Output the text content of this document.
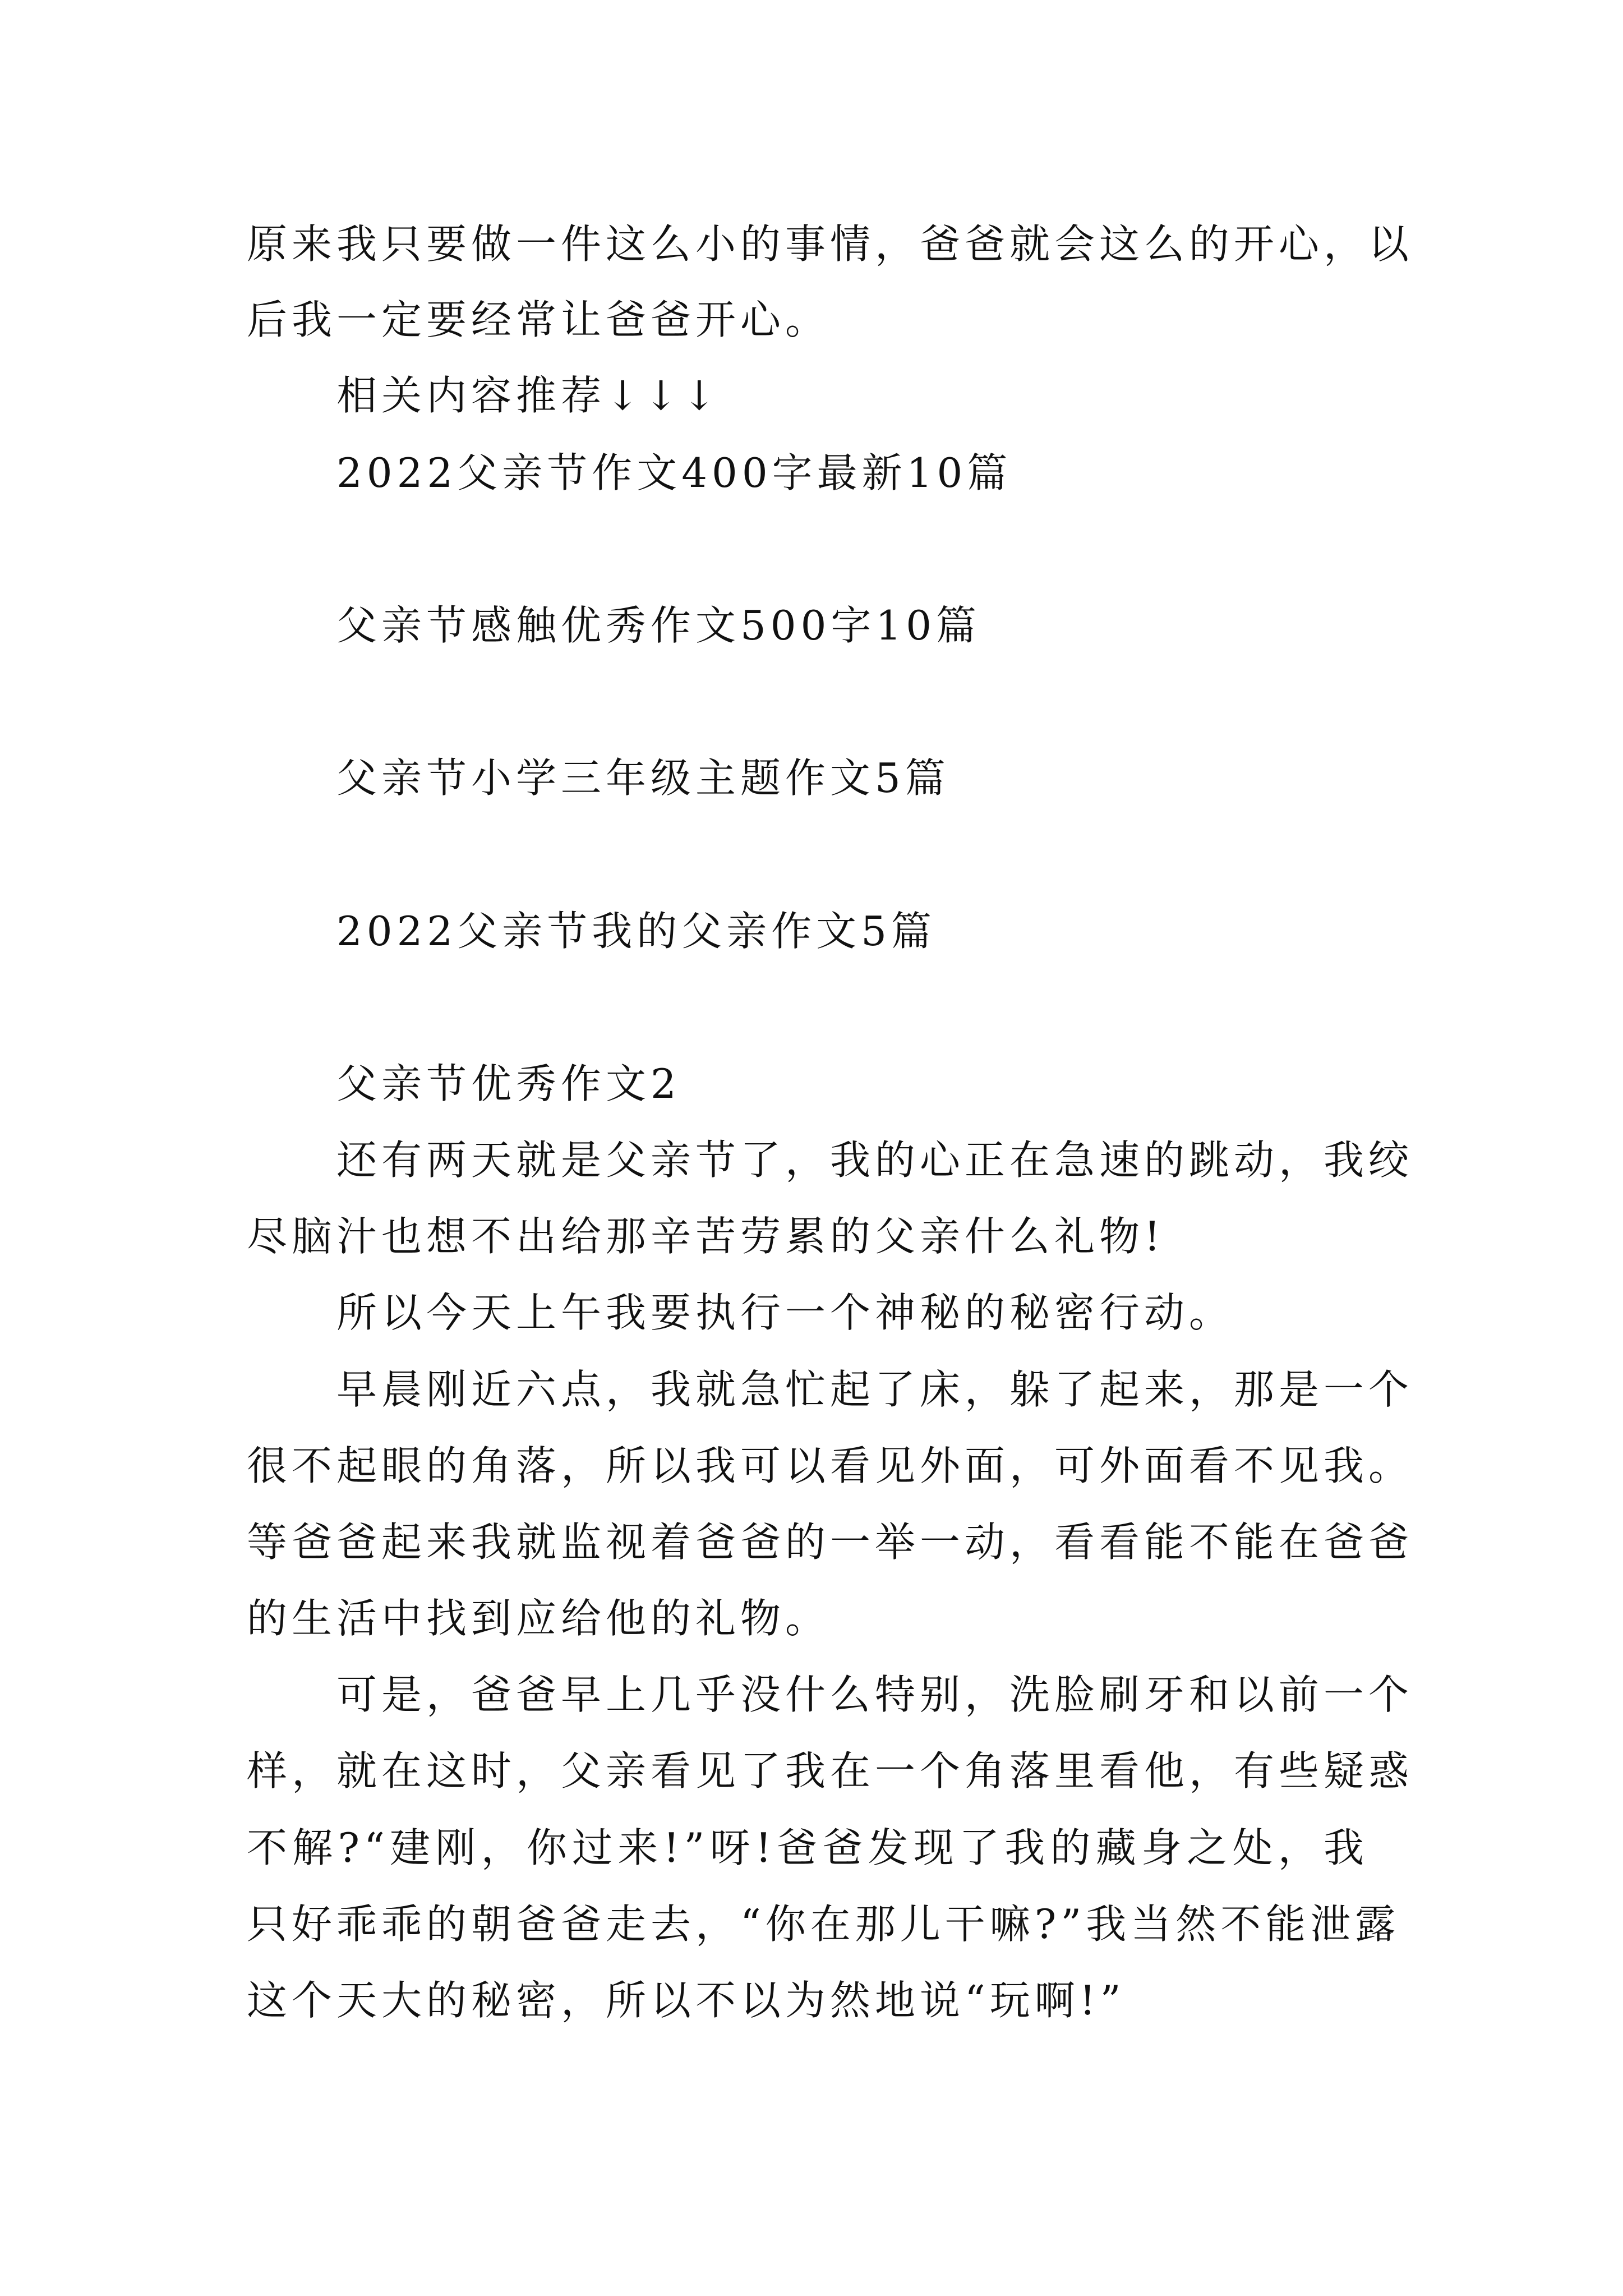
原来我只要做一件这么小的事情，爸爸就会这么的开心，以
后我一定要经常让爸爸开心。
相关内容推荐↓↓↓
2022父亲节作文400字最新10篇
父亲节感触优秀作文500字10篇
父亲节小学三年级主题作文5篇
2022父亲节我的父亲作文5篇
父亲节优秀作文2
还有两天就是父亲节了，我的心正在急速的跳动，我绞
尽脑汁也想不出给那辛苦劳累的父亲什么礼物!
所以今天上午我要执行一个神秘的秘密行动。
早晨刚近六点，我就急忙起了床，躲了起来，那是一个
很不起眼的角落，所以我可以看见外面，可外面看不见我。
等爸爸起来我就监视着爸爸的一举一动，看看能不能在爸爸
的生活中找到应给他的礼物。
可是，爸爸早上几乎没什么特别，洗脸刷牙和以前一个
样，就在这时，父亲看见了我在一个角落里看他，有些疑惑
不解?“建刚，你过来!”呀!爸爸发现了我的藏身之处，我
只好乖乖的朝爸爸走去，“你在那儿干嘛?”我当然不能泄露
这个天大的秘密，所以不以为然地说“玩啊!”
